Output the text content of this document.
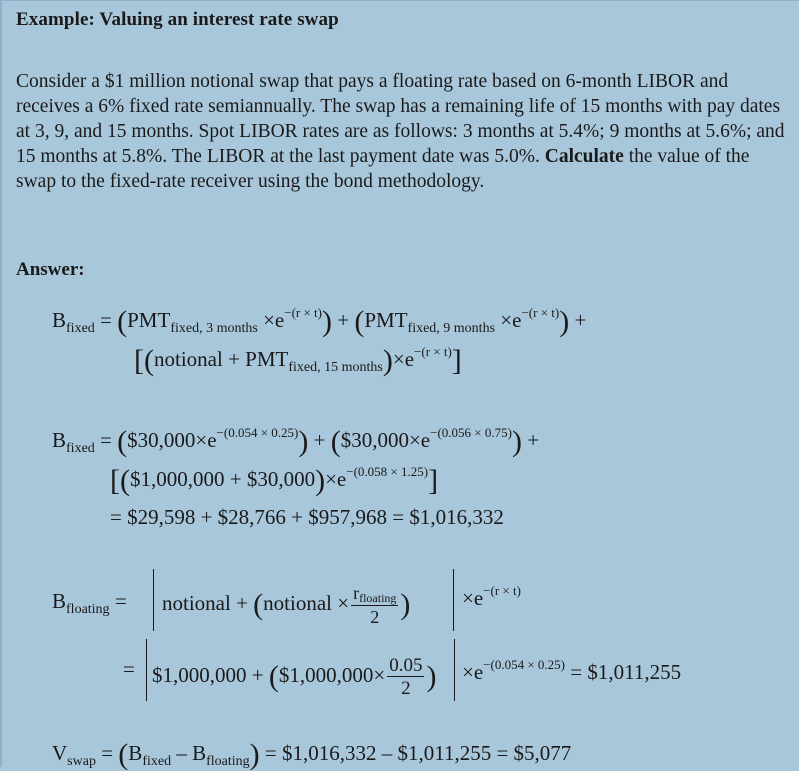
Example: Valuing an interest rate swap
Consider a $1 million notional swap that pays a floating rate based on 6-month LIBOR and receives a 6% fixed rate semiannually. The swap has a remaining life of 15 months with pay dates at 3, 9, and 15 months. Spot LIBOR rates are as follows: 3 months at 5.4%; 9 months at 5.6%; and 15 months at 5.8%. The LIBOR at the last payment date was 5.0%. Calculate the value of the swap to the fixed-rate receiver using the bond methodology.
Answer:
$B_{fixed} = (PMT_{fixed, 3 months} \times e^{-(r \times t)}) + (PMT_{fixed, 9 months} \times e^{-(r \times t)})$ +
[(notional + $PMT_{fixed, 15 months})\times e^{-(r \times t)}$]
$B_{fixed}$ = $(\$30,000\times e^{-(0.054 \times 0.25)})$ + $(\$30,000\times e^{-(0.056 \times 0.75)})$ +
[($1,000,000 + $\$30,000)\times e^{-(0.058 \times 1.25)}$]
= $29,598 + $28,766 + $957,968 = $1,016,332
$B_{floating}$ = notional + (notional × $\frac{r_{floating}}{2}$ ) $\times e^{-(r \times t)}$
= $1,000,000 + ($1,000,000× $\frac{0.05}{2}$ ) $\times e^{-(0.054 \times 0.25)}$ = $1,011,255
$V_{swap} = (B_{fixed} - B_{floating})$ = $1,016,332 – $1,011,255 = $5,077
